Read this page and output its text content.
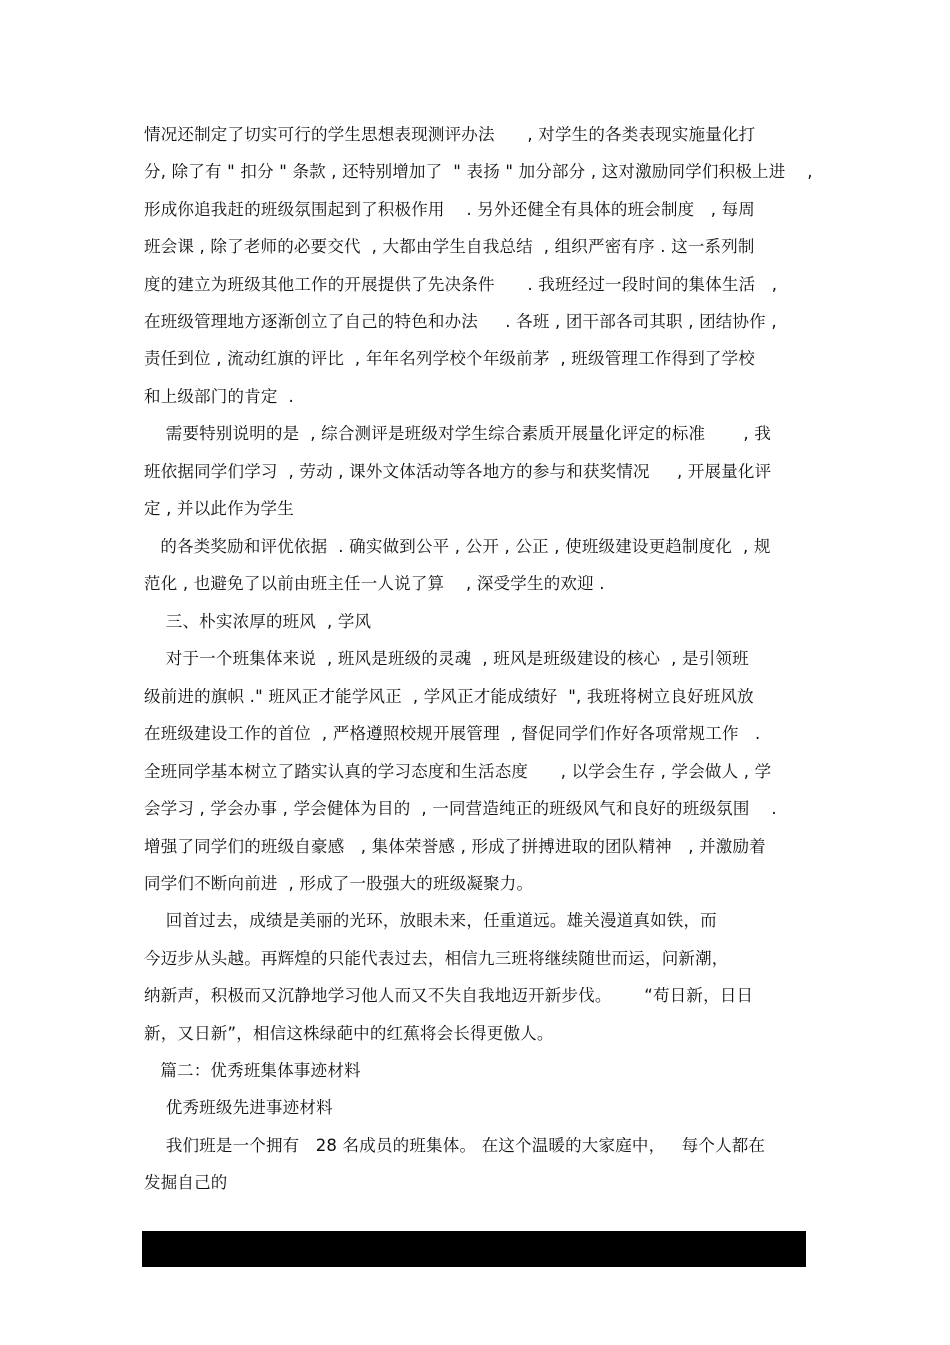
情况还制定了切实可行的学生思想表现测评办法      , 对学生的各类表现实施量化打
分, 除了有 " 扣分 " 条款 , 还特别增加了  " 表扬 " 加分部分 , 这对激励同学们积极上进    ,
形成你追我赶的班级氛围起到了积极作用    . 另外还健全有具体的班会制度   , 每周
班会课 , 除了老师的必要交代  , 大都由学生自我总结  , 组织严密有序 . 这一系列制
度的建立为班级其他工作的开展提供了先决条件      . 我班经过一段时间的集体生活   ,
在班级管理地方逐渐创立了自己的特色和办法     . 各班 , 团干部各司其职 , 团结协作 ,
责任到位 , 流动红旗的评比  , 年年名列学校个年级前茅  , 班级管理工作得到了学校
和上级部门的肯定  .
需要特别说明的是  , 综合测评是班级对学生综合素质开展量化评定的标准       , 我
班依据同学们学习  , 劳动 , 课外文体活动等各地方的参与和获奖情况     , 开展量化评
定 , 并以此作为学生
的各类奖励和评优依据  . 确实做到公平 , 公开 , 公正 , 使班级建设更趋制度化  , 规
范化 , 也避免了以前由班主任一人说了算    , 深受学生的欢迎 .
三、朴实浓厚的班风  , 学风
对于一个班集体来说  , 班风是班级的灵魂  , 班风是班级建设的核心  , 是引领班
级前进的旗帜 ." 班风正才能学风正  , 学风正才能成绩好  ", 我班将树立良好班风放
在班级建设工作的首位  , 严格遵照校规开展管理  , 督促同学们作好各项常规工作   .
全班同学基本树立了踏实认真的学习态度和生活态度      , 以学会生存 , 学会做人 , 学
会学习 , 学会办事 , 学会健体为目的  , 一同营造纯正的班级风气和良好的班级氛围    .
增强了同学们的班级自豪感   , 集体荣誉感 , 形成了拼搏进取的团队精神   , 并激励着
同学们不断向前进  , 形成了一股强大的班级凝聚力。
回首过去，成绩是美丽的光环，放眼未来，任重道远。雄关漫道真如铁，而
今迈步从头越。再辉煌的只能代表过去，相信九三班将继续随世而运，问新潮，
纳新声，积极而又沉静地学习他人而又不失自我地迈开新步伐。      “苟日新，日日
新，又日新”，相信这株绿葩中的红蕉将会长得更傲人。
篇二：优秀班集体事迹材料
优秀班级先进事迹材料
我们班是一个拥有   28 名成员的班集体。 在这个温暖的大家庭中，   每个人都在
发掘自己的
